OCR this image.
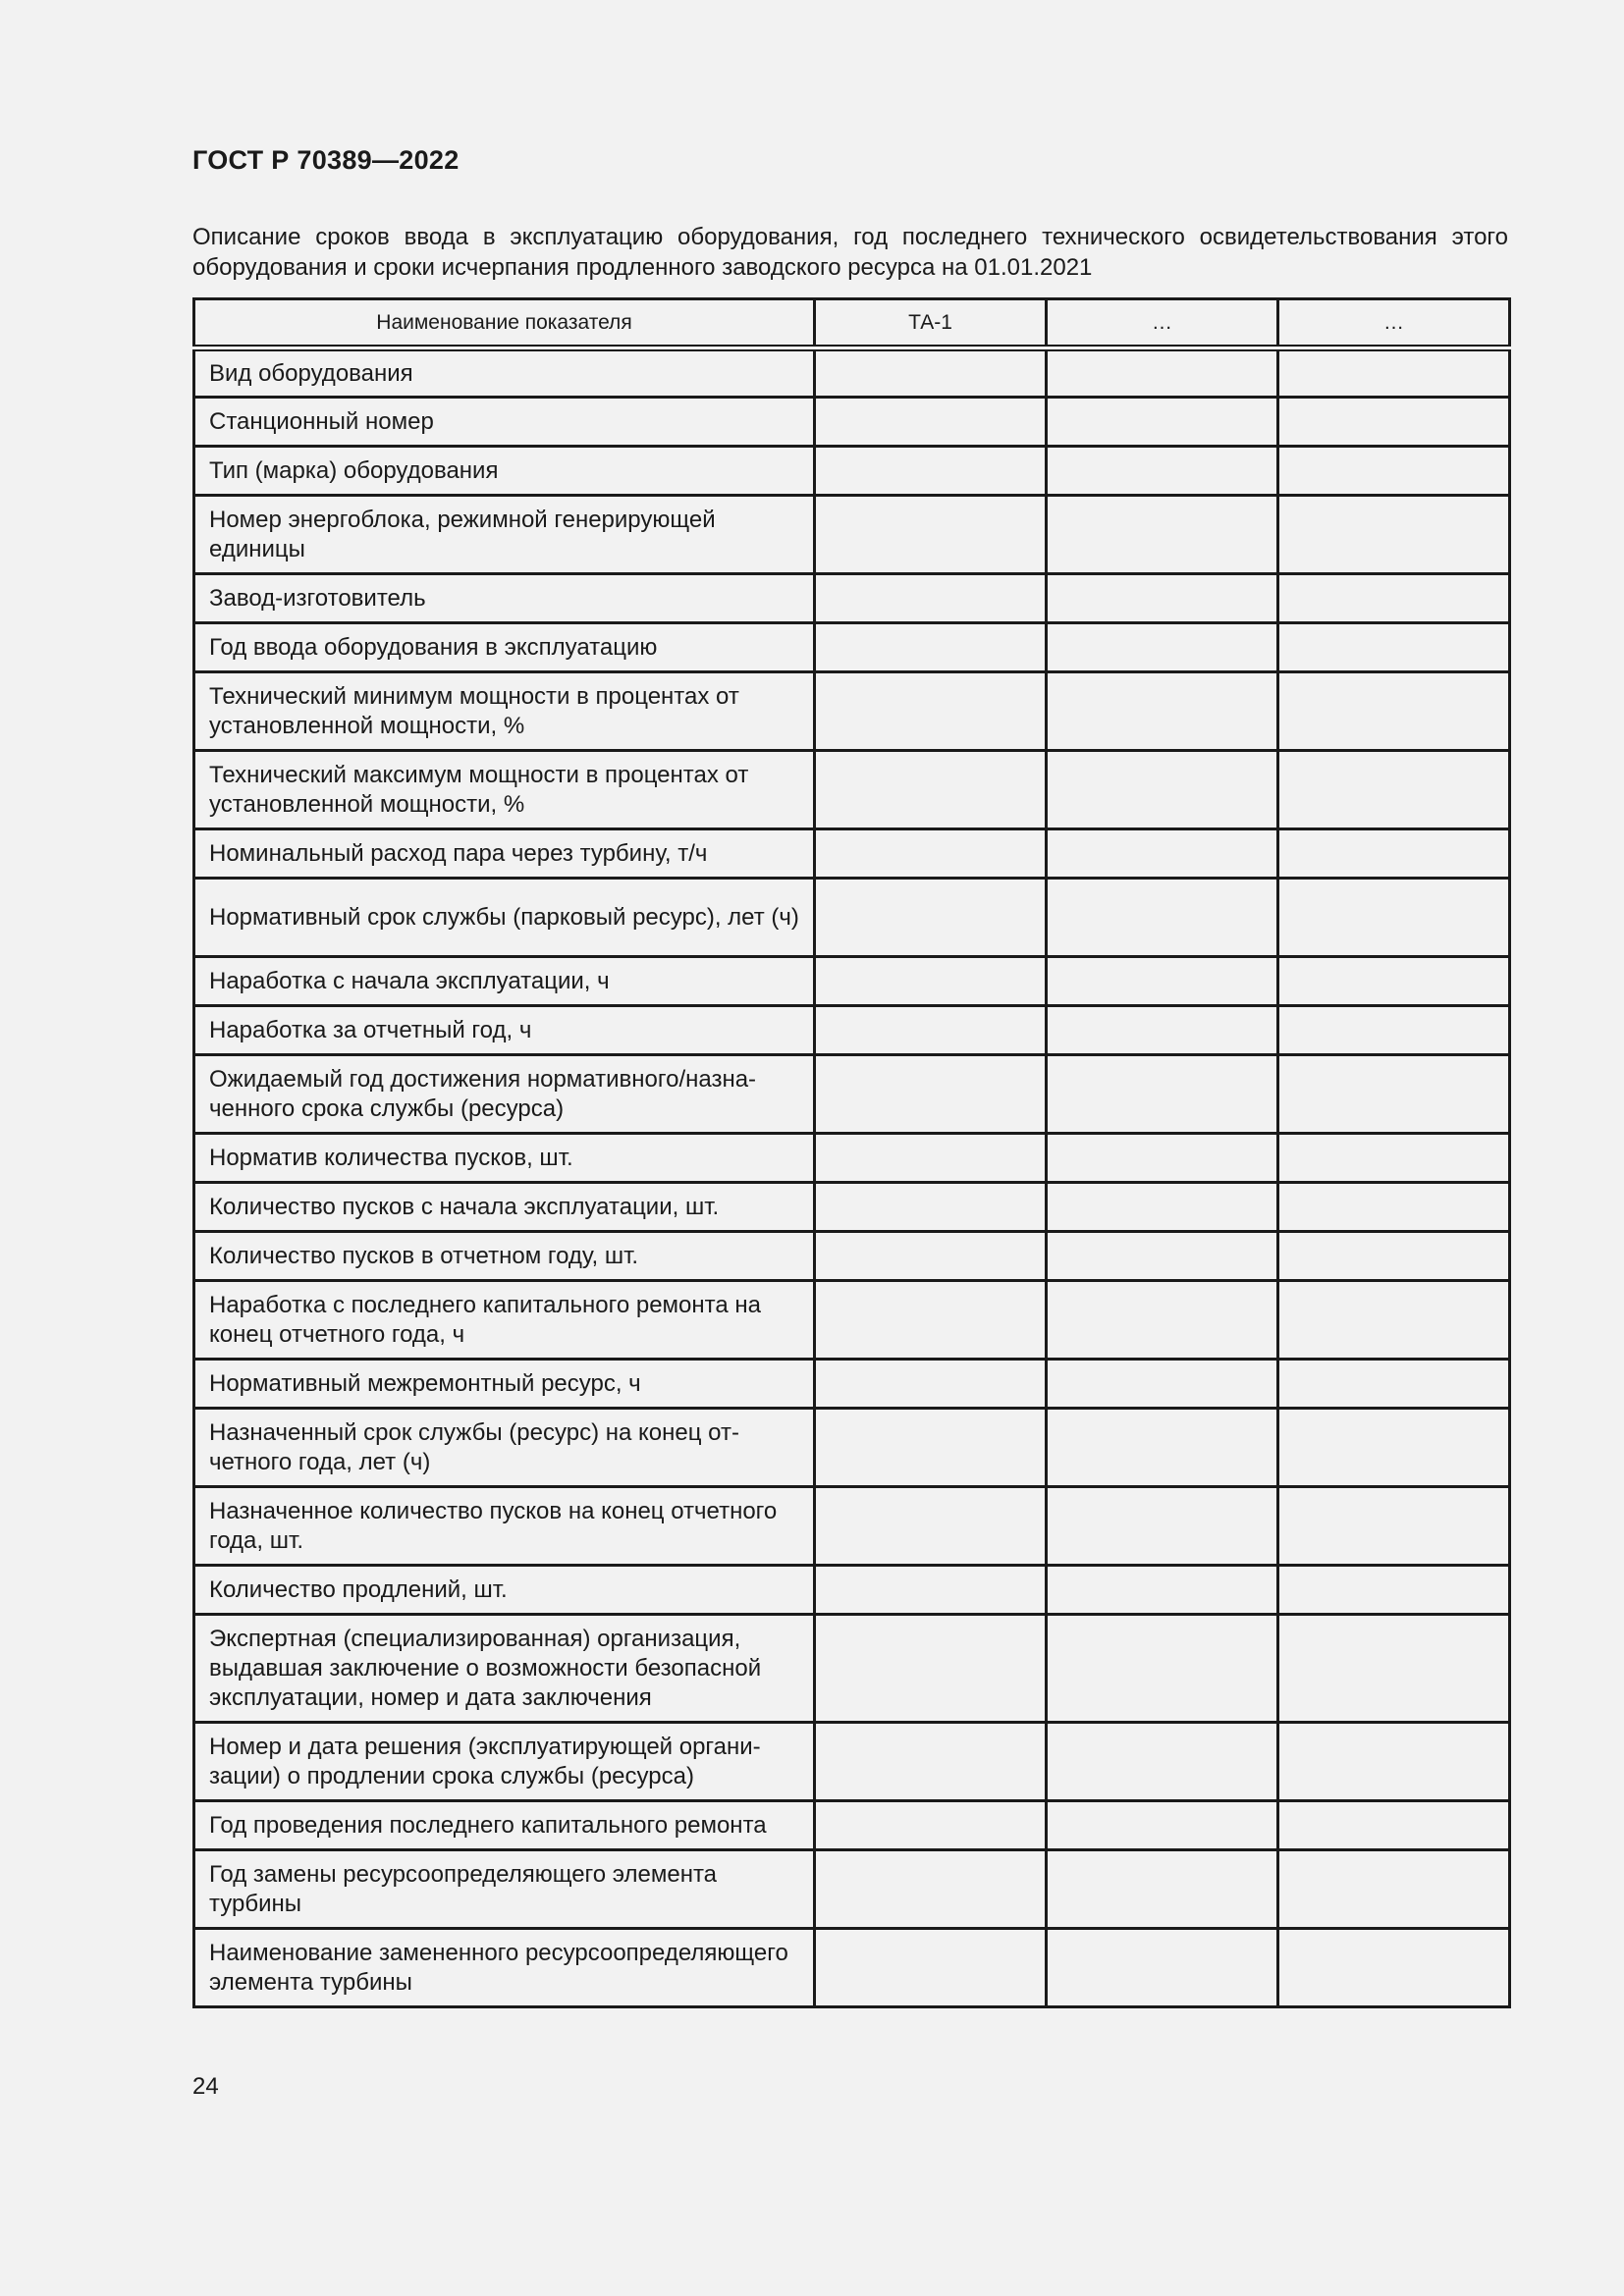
ГОСТ Р 70389—2022
Описание сроков ввода в эксплуатацию оборудования, год последнего технического освидетельствования этого оборудования и сроки исчерпания продленного заводского ресурса на 01.01.2021
Наименование показателя	ТА-1	…	…
Вид оборудования			
Станционный номер			
Тип (марка) оборудования			
Номер энергоблока, режимной генерирующей единицы			
Завод-изготовитель			
Год ввода оборудования в эксплуатацию			
Технический минимум мощности в процентах от установленной мощности, %			
Технический максимум мощности в процентах от установленной мощности, %			
Номинальный расход пара через турбину, т/ч			
Нормативный срок службы (парковый ресурс), лет (ч)			
Наработка с начала эксплуатации, ч			
Наработка за отчетный год, ч			
Ожидаемый год достижения нормативного/назначенного срока службы (ресурса)			
Норматив количества пусков, шт.			
Количество пусков с начала эксплуатации, шт.			
Количество пусков в отчетном году, шт.			
Наработка с последнего капитального ремонта на конец отчетного года, ч			
Нормативный межремонтный ресурс, ч			
Назначенный срок службы (ресурс) на конец отчетного года, лет (ч)			
Назначенное количество пусков на конец отчетного года, шт.			
Количество продлений, шт.			
Экспертная (специализированная) организация, выдавшая заключение о возможности безопасной эксплуатации, номер и дата заключения			
Номер и дата решения (эксплуатирующей организации) о продлении срока службы (ресурса)			
Год проведения последнего капитального ремонта			
Год замены ресурсоопределяющего элемента турбины			
Наименование замененного ресурсоопределяющего элемента турбины			
24
